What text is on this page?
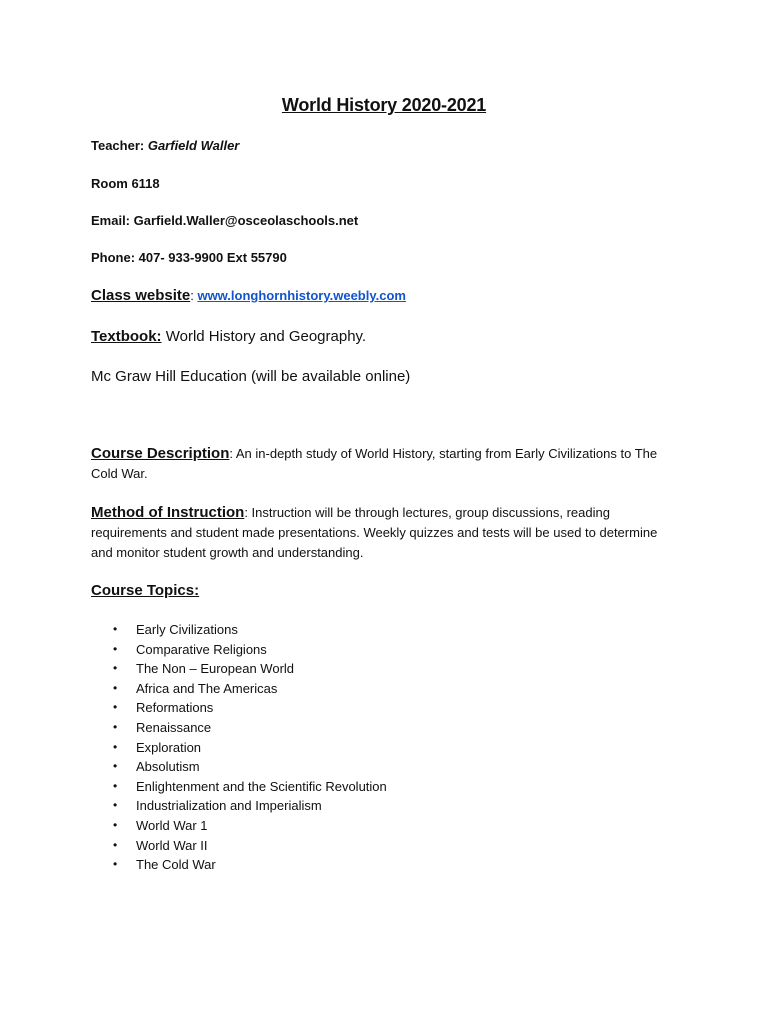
World History 2020-2021
Teacher: Garfield Waller
Room 6118
Email: Garfield.Waller@osceolaschools.net
Phone: 407- 933-9900 Ext 55790
Class website: www.longhornhistory.weebly.com
Textbook: World History and Geography.
Mc Graw Hill Education (will be available online)
Course Description: An in-depth study of World History, starting from Early Civilizations to The Cold War.
Method of Instruction: Instruction will be through lectures, group discussions, reading requirements and student made presentations. Weekly quizzes and tests will be used to determine and monitor student growth and understanding.
Course Topics:
• Early Civilizations
• Comparative Religions
• The Non – European World
• Africa and The Americas
• Reformations
• Renaissance
• Exploration
• Absolutism
• Enlightenment and the Scientific Revolution
• Industrialization and Imperialism
• World War 1
• World War II
• The Cold War
